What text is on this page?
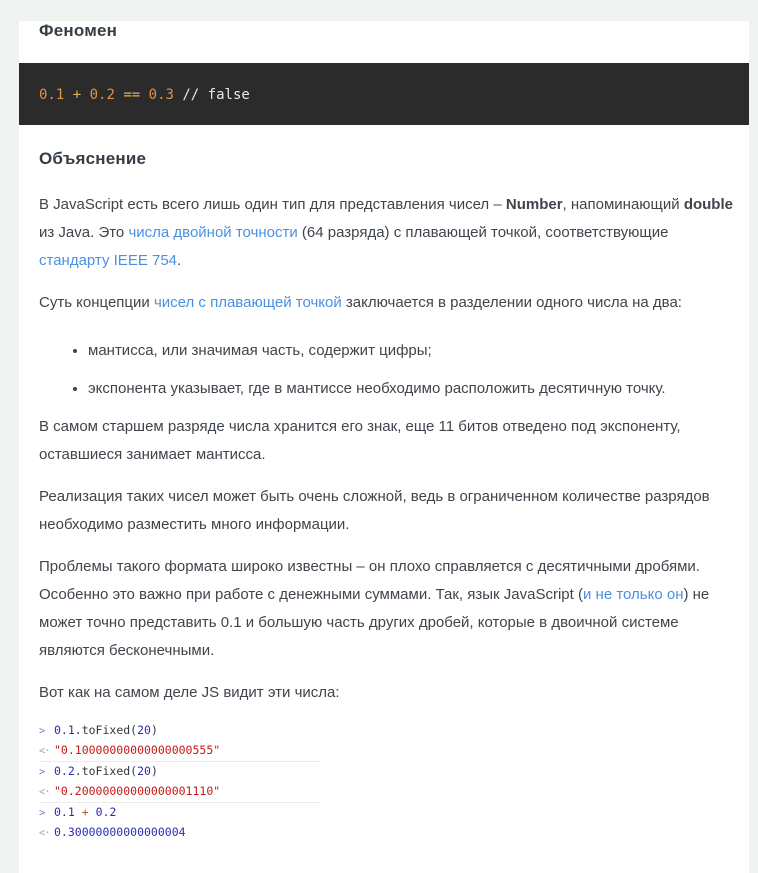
Феномен
0.1 + 0.2 == 0.3 // false
Объяснение

В JavaScript есть всего лишь один тип для представления чисел – Number, напоминающий double из Java. Это числа двойной точности (64 разряда) с плавающей точкой, соответствующие стандарту IEEE 754.

Суть концепции чисел с плавающей точкой заключается в разделении одного числа на два:

• мантисса, или значимая часть, содержит цифры;
• экспонента указывает, где в мантиссе необходимо расположить десятичную точку.

В самом старшем разряде числа хранится его знак, еще 11 битов отведено под экспоненту, оставшиеся занимает мантисса.

Реализация таких чисел может быть очень сложной, ведь в ограниченном количестве разрядов необходимо разместить много информации.

Проблемы такого формата широко известны – он плохо справляется с десятичными дробями. Особенно это важно при работе с денежными суммами. Так, язык JavaScript (и не только он) не может точно представить 0.1 и большую часть других дробей, которые в двоичной системе являются бесконечными.

Вот как на самом деле JS видит эти числа:

> 0.1.toFixed(20)
<· "0.10000000000000000555"
> 0.2.toFixed(20)
<· "0.20000000000000001110"
> 0.1 + 0.2
<· 0.30000000000000004
